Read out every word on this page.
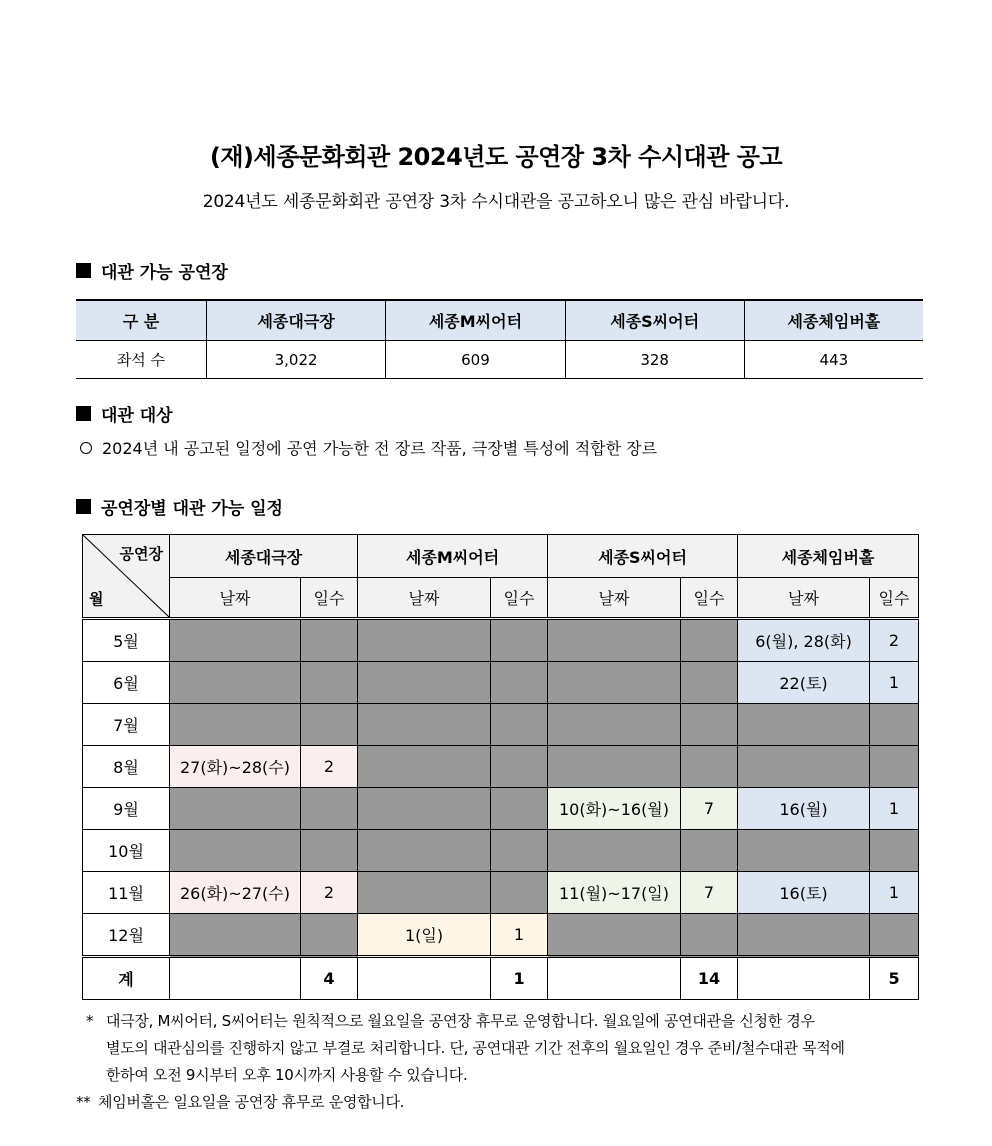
(재)세종문화회관 2024년도 공연장 3차 수시대관 공고
2024년도 세종문화회관 공연장 3차 수시대관을 공고하오니 많은 관심 바랍니다.
대관 가능 공연장
구 분	세종대극장	세종M씨어터	세종S씨어터	세종체임버홀
좌석 수	3,022	609	328	443
대관 대상
2024년 내 공고된 일정에 공연 가능한 전 장르 작품, 극장별 특성에 적합한 장르
공연장별 대관 가능 일정
공연장
월	세종대극장		세종M씨어터		세종S씨어터		세종체임버홀	
	날짜	일수	날짜	일수	날짜	일수	날짜	일수
5월							6(월), 28(화)	2
6월							22(토)	1
7월								
8월	27(화)~28(수)	2						
9월					10(화)~16(월)	7	16(월)	1
10월								
11월	26(화)~27(수)	2			11(월)~17(일)	7	16(토)	1
12월			1(일)	1				
계		4		1		14		5
* 대극장, M씨어터, S씨어터는 원칙적으로 월요일을 공연장 휴무로 운영합니다. 월요일에 공연대관을 신청한 경우
별도의 대관심의를 진행하지 않고 부결로 처리합니다. 단, 공연대관 기간 전후의 월요일인 경우 준비/철수대관 목적에
한하여 오전 9시부터 오후 10시까지 사용할 수 있습니다.
** 체임버홀은 일요일을 공연장 휴무로 운영합니다.
